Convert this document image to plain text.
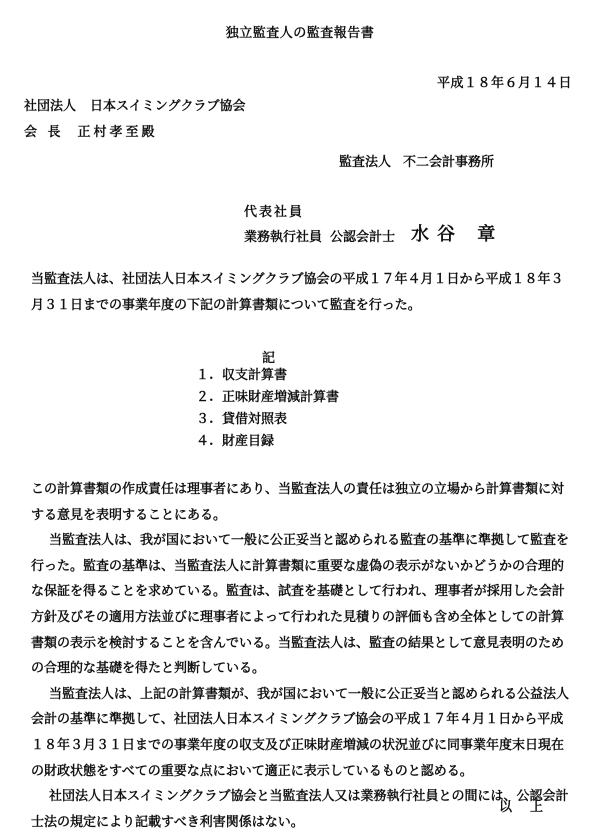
独立監査人の監査報告書
平成１８年６月１４日
社団法人 日本スイミングクラブ協会
会 長 正村孝至殿
監査法人 不二会計事務所
代表社員
業務執行社員 公認会計士 水谷 章
当監査法人は、社団法人日本スイミングクラブ協会の平成１７年４月１日から平成１８年３月３１日までの事業年度の下記の計算書類について監査を行った。
記
１. 収支計算書
２. 正味財産増減計算書
３. 貸借対照表
４. 財産目録

この計算書類の作成責任は理事者にあり、当監査法人の責任は独立の立場から計算書類に対する意見を表明することにある。

当監査法人は、我が国において一般に公正妥当と認められる監査の基準に準拠して監査を行った。監査の基準は、当監査法人に計算書類に重要な虚偽の表示がないかどうかの合理的な保証を得ることを求めている。監査は、試査を基礎として行われ、理事者が採用した会計方針及びその適用方法並びに理事者によって行われた見積りの評価も含め全体としての計算書類の表示を検討することを含んでいる。当監査法人は、監査の結果として意見表明のための合理的な基礎を得たと判断している。

当監査法人は、上記の計算書類が、我が国において一般に公正妥当と認められる公益法人会計の基準に準拠して、社団法人日本スイミングクラブ協会の平成１７年４月１日から平成１８年３月３１日までの事業年度の収支及び正味財産増減の状況並びに同事業年度末日現在の財政状態をすべての重要な点において適正に表示しているものと認める。

社団法人日本スイミングクラブ協会と当監査法人又は業務執行社員との間には、公認会計士法の規定により記載すべき利害関係はない。

以上
